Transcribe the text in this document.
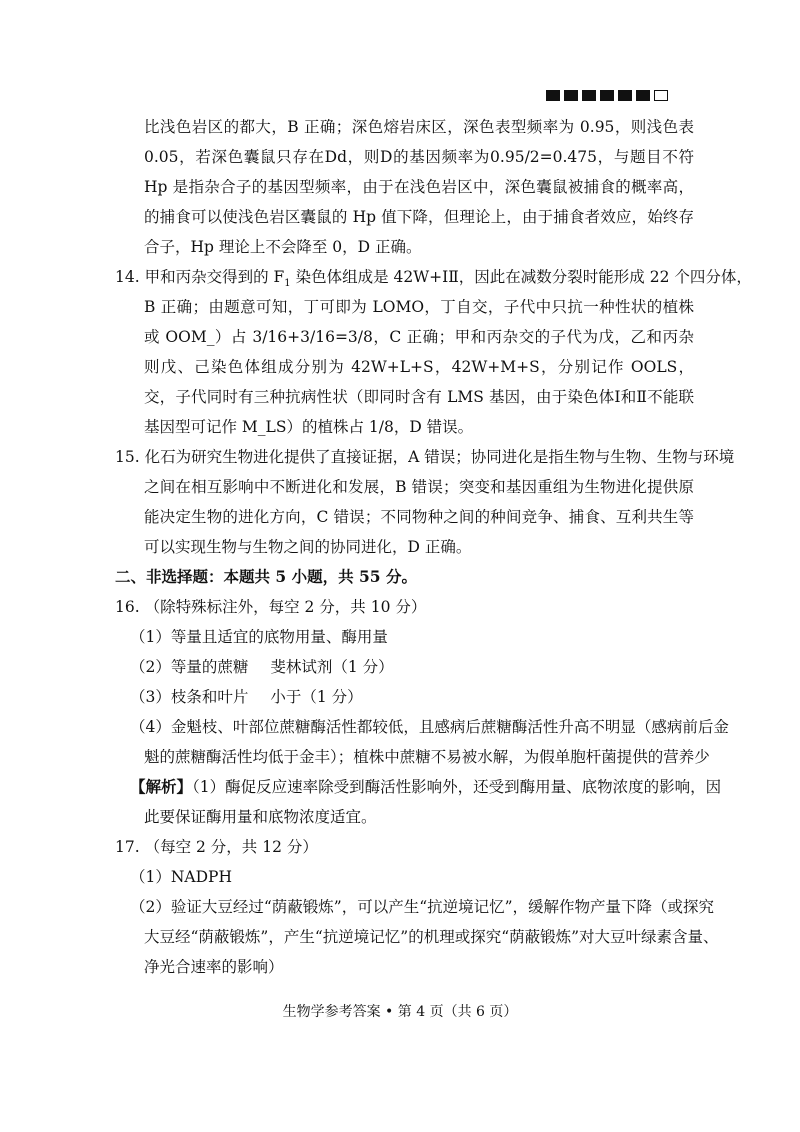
比浅色岩区的都大，B 正确；深色熔岩床区，深色表型频率为 0.95，则浅色表
0.05，若深色囊鼠只存在Dd，则D的基因频率为0.95/2=0.475，与题目不符
Hp 是指杂合子的基因型频率，由于在浅色岩区中，深色囊鼠被捕食的概率高，
的捕食可以使浅色岩区囊鼠的 Hp 值下降，但理论上，由于捕食者效应，始终存
合子，Hp 理论上不会降至 0，D 正确。
14. 甲和丙杂交得到的 $F_1$ 染色体组成是 42W+ⅠⅡ，因此在减数分裂时能形成 22 个四分体，
B 正确；由题意可知，丁可即为 LOMO，丁自交，子代中只抗一种性状的植株
或 OOM_）占 3/16+3/16=3/8，C 正确；甲和丙杂交的子代为戊，乙和丙杂
则戊、己染色体组成分别为 42W+L+S，42W+M+S，分别记作 OOLS，
交，子代同时有三种抗病性状（即同时含有 LMS 基因，由于染色体Ⅰ和Ⅱ不能联
基因型可记作 M_LS）的植株占 1/8，D 错误。
15. 化石为研究生物进化提供了直接证据，A 错误；协同进化是指生物与生物、生物与环境
之间在相互影响中不断进化和发展，B 错误；突变和基因重组为生物进化提供原
能决定生物的进化方向，C 错误；不同物种之间的种间竞争、捕食、互利共生等
可以实现生物与生物之间的协同进化，D 正确。
二、非选择题：本题共 5 小题，共 55 分。
16. （除特殊标注外，每空 2 分，共 10 分）
（1）等量且适宜的底物用量、酶用量
（2）等量的蔗糖 斐林试剂（1 分）
（3）枝条和叶片 小于（1 分）
（4）金魁枝、叶部位蔗糖酶活性都较低，且感病后蔗糖酶活性升高不明显（感病前后金
魁的蔗糖酶活性均低于金丰）；植株中蔗糖不易被水解，为假单胞杆菌提供的营养少
【解析】（1）酶促反应速率除受到酶活性影响外，还受到酶用量、底物浓度的影响，因
此要保证酶用量和底物浓度适宜。
17. （每空 2 分，共 12 分）
（1）NADPH
（2）验证大豆经过“荫蔽锻炼”，可以产生“抗逆境记忆”，缓解作物产量下降（或探究
大豆经“荫蔽锻炼”，产生“抗逆境记忆”的机理或探究“荫蔽锻炼”对大豆叶绿素含量、
净光合速率的影响）
生物学参考答案 • 第 4 页（共 6 页）
